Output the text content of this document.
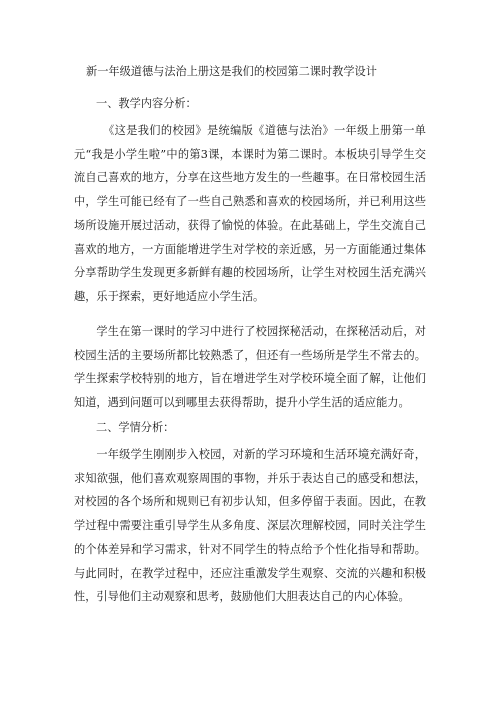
新一年级道德与法治上册这是我们的校园第二课时教学设计
一、教学内容分析：

《这是我们的校园》是统编版《道德与法治》一年级上册第一单元“我是小学生啦”中的第3课，本课时为第二课时。本板块引导学生交流自己喜欢的地方，分享在这些地方发生的一些趣事。在日常校园生活中，学生可能已经有了一些自己熟悉和喜欢的校园场所，并已利用这些场所设施开展过活动，获得了愉悦的体验。在此基础上，学生交流自己喜欢的地方，一方面能增进学生对学校的亲近感，另一方面能通过集体分享帮助学生发现更多新鲜有趣的校园场所，让学生对校园生活充满兴趣，乐于探索，更好地适应小学生活。

学生在第一课时的学习中进行了校园探秘活动，在探秘活动后，对校园生活的主要场所都比较熟悉了，但还有一些场所是学生不常去的。学生探索学校特别的地方，旨在增进学生对学校环境全面了解，让他们知道，遇到问题可以到哪里去获得帮助，提升小学生活的适应能力。

二、学情分析：

一年级学生刚刚步入校园，对新的学习环境和生活环境充满好奇，求知欲强，他们喜欢观察周围的事物，并乐于表达自己的感受和想法，对校园的各个场所和规则已有初步认知，但多停留于表面。因此，在教学过程中需要注重引导学生从多角度、深层次理解校园，同时关注学生的个体差异和学习需求，针对不同学生的特点给予个性化指导和帮助。与此同时，在教学过程中，还应注重激发学生观察、交流的兴趣和积极性，引导他们主动观察和思考，鼓励他们大胆表达自己的内心体验。
